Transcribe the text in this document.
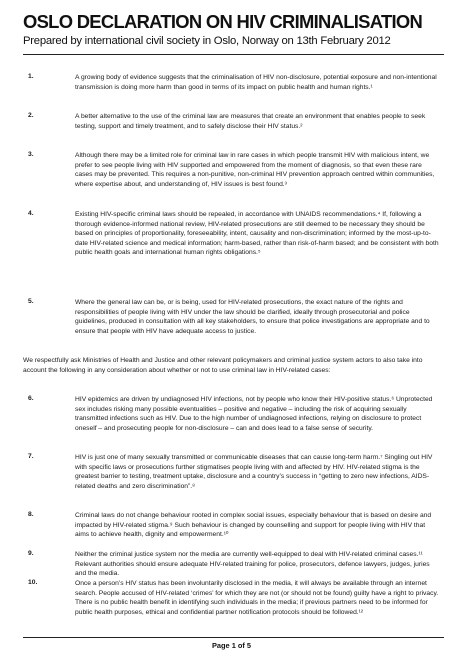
OSLO DECLARATION ON HIV CRIMINALISATION
Prepared by international civil society in Oslo, Norway on 13th February 2012
1.	A growing body of evidence suggests that the criminalisation of HIV non-disclosure, potential exposure and non-intentional transmission is doing more harm than good in terms of its impact on public health and human rights.¹
2.	A better alternative to the use of the criminal law are measures that create an environment that enables people to seek testing, support and timely treatment, and to safely disclose their HIV status.²
3.	Although there may be a limited role for criminal law in rare cases in which people transmit HIV with malicious intent, we prefer to see people living with HIV supported and empowered from the moment of diagnosis, so that even these rare cases may be prevented. This requires a non-punitive, non-criminal HIV prevention approach centred within communities, where expertise about, and understanding of, HIV issues is best found.³
4.	Existing HIV-specific criminal laws should be repealed, in accordance with UNAIDS recommendations.⁴ If, following a thorough evidence-informed national review, HIV-related prosecutions are still deemed to be necessary they should be based on principles of proportionality, foreseeability, intent, causality and non-discrimination; informed by the most-up-to-date HIV-related science and medical information; harm-based, rather than risk-of-harm based; and be consistent with both public health goals and international human rights obligations.⁵
5.	Where the general law can be, or is being, used for HIV-related prosecutions, the exact nature of the rights and responsibilities of people living with HIV under the law should be clarified, ideally through prosecutorial and police guidelines, produced in consultation with all key stakeholders, to ensure that police investigations are appropriate and to ensure that people with HIV have adequate access to justice.
We respectfully ask Ministries of Health and Justice and other relevant policymakers and criminal justice system actors to also take into account the following in any consideration about whether or not to use criminal law in HIV-related cases:
6.	HIV epidemics are driven by undiagnosed HIV infections, not by people who know their HIV-positive status.⁶ Unprotected sex includes risking many possible eventualities – positive and negative – including the risk of acquiring sexually transmitted infections such as HIV. Due to the high number of undiagnosed infections, relying on disclosure to protect oneself – and prosecuting people for non-disclosure – can and does lead to a false sense of security.
7.	HIV is just one of many sexually transmitted or communicable diseases that can cause long-term harm.⁷ Singling out HIV with specific laws or prosecutions further stigmatises people living with and affected by HIV. HIV-related stigma is the greatest barrier to testing, treatment uptake, disclosure and a country’s success in “getting to zero new infections, AIDS-related deaths and zero discrimination”.⁸
8.	Criminal laws do not change behaviour rooted in complex social issues, especially behaviour that is based on desire and impacted by HIV-related stigma.⁹ Such behaviour is changed by counselling and support for people living with HIV that aims to achieve health, dignity and empowerment.¹⁰
9.	Neither the criminal justice system nor the media are currently well-equipped to deal with HIV-related criminal cases.¹¹ Relevant authorities should ensure adequate HIV-related training for police, prosecutors, defence lawyers, judges, juries and the media.
10.	Once a person’s HIV status has been involuntarily disclosed in the media, it will always be available through an internet search. People accused of HIV-related ‘crimes’ for which they are not (or should not be found) guilty have a right to privacy. There is no public health benefit in identifying such individuals in the media; if previous partners need to be informed for public health purposes, ethical and confidential partner notification protocols should be followed.¹²
Page 1 of 5
